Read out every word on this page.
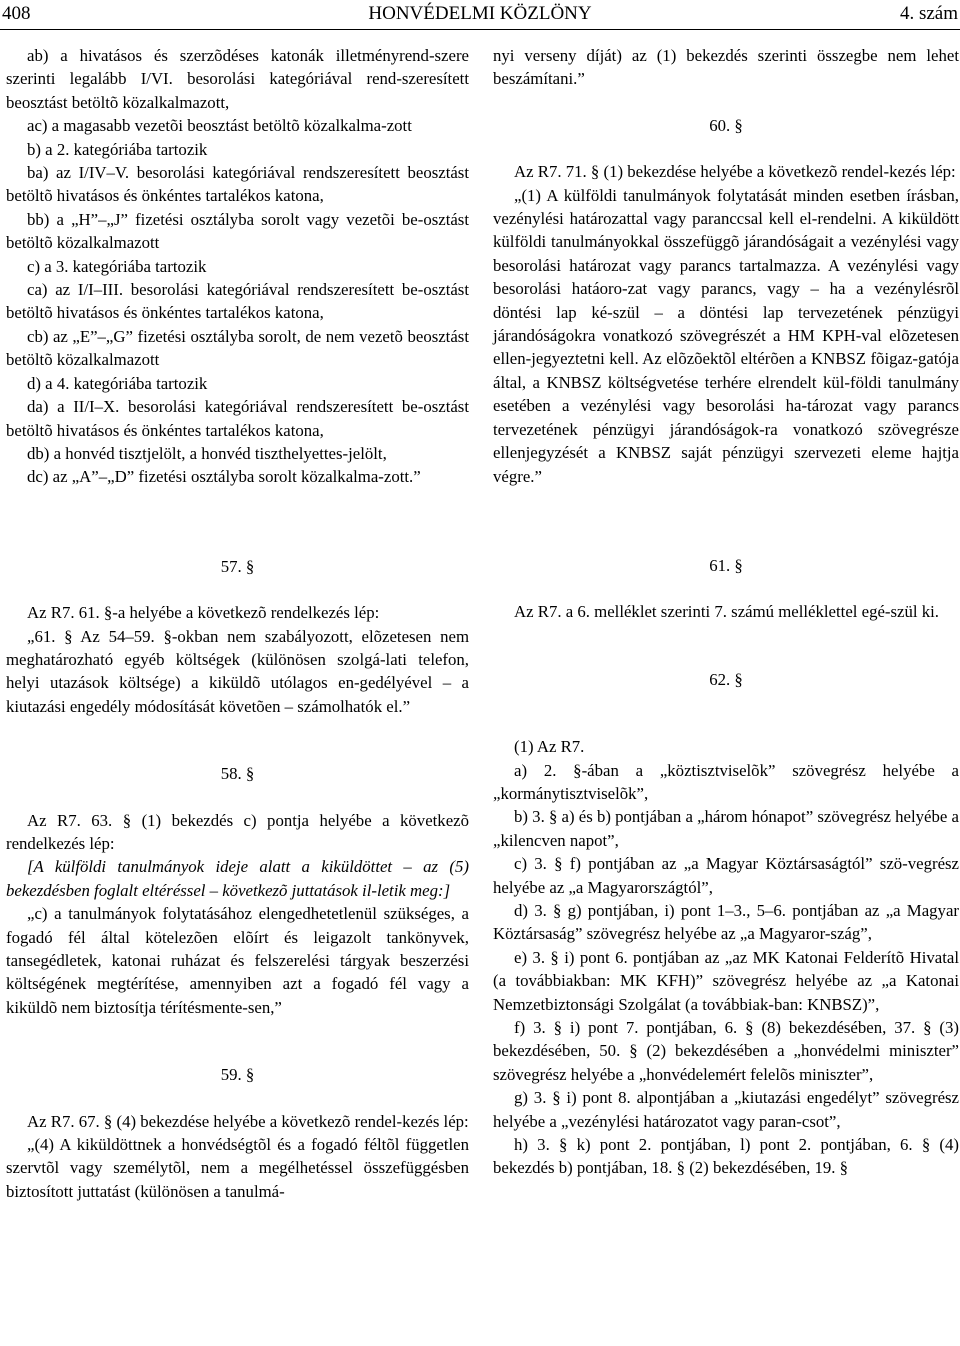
408	HONVÉDELMI KÖZLÖNY	4. szám

ab) a hivatásos és szerzõdéses katonák illetményrend-szere szerinti legalább I/VI. besorolási kategóriával rend-szeresített beosztást betöltõ közalkalmazott,

ac) a magasabb vezetõi beosztást betöltõ közalkalma-zott

b) a 2. kategóriába tartozik

ba) az I/IV–V. besorolási kategóriával rendszeresített beosztást betöltõ hivatásos és önkéntes tartalékos katona,

bb) a „H”–„J” fizetési osztályba sorolt vagy vezetõi be-osztást betöltõ közalkalmazott

c) a 3. kategóriába tartozik

ca) az I/I–III. besorolási kategóriával rendszeresített be-osztást betöltõ hivatásos és önkéntes tartalékos katona,

cb) az „E”–„G” fizetési osztályba sorolt, de nem vezetõ beosztást betöltõ közalkalmazott

d) a 4. kategóriába tartozik

da) a II/I–X. besorolási kategóriával rendszeresített be-osztást betöltõ hivatásos és önkéntes tartalékos katona,

db) a honvéd tisztjelölt, a honvéd tiszthelyettes-jelölt,

dc) az „A”–„D” fizetési osztályba sorolt közalkalma-zott.”

57. §

Az R7. 61. §-a helyébe a következõ rendelkezés lép:

„61. § Az 54–59. §-okban nem szabályozott, elõzetesen nem meghatározható egyéb költségek (különösen szolgá-lati telefon, helyi utazások költsége) a kiküldõ utólagos en-gedélyével – a kiutazási engedély módosítását követõen – számolhatók el.”

58. §

Az R7. 63. § (1) bekezdés c) pontja helyébe a következõ rendelkezés lép:

[A külföldi tanulmányok ideje alatt a kiküldöttet – az (5) bekezdésben foglalt eltéréssel – következõ juttatások il-letik meg:]

„c) a tanulmányok folytatásához elengedhetetlenül szükséges, a fogadó fél által kötelezõen elõírt és leigazolt tankönyvek, tansegédletek, katonai ruházat és felszerelési tárgyak beszerzési költségének megtérítése, amennyiben azt a fogadó fél vagy a kiküldõ nem biztosítja térítésmente-sen,”

59. §

Az R7. 67. § (4) bekezdése helyébe a következõ rendel-kezés lép:

„(4) A kiküldöttnek a honvédségtõl és a fogadó féltõl független szervtõl vagy személytõl, nem a megélhetéssel összefüggésben biztosított juttatást (különösen a tanulmá-

nyi verseny díját) az (1) bekezdés szerinti összegbe nem lehet beszámítani.”

60. §

Az R7. 71. § (1) bekezdése helyébe a következõ rendel-kezés lép:

„(1) A külföldi tanulmányok folytatását minden esetben írásban, vezénylési határozattal vagy paranccsal kell el-rendelni. A kiküldött külföldi tanulmányokkal összefüggõ járandóságait a vezénylési vagy besorolási határozat vagy parancs tartalmazza. A vezénylési vagy besorolási hatáoro-zat vagy parancs, vagy – ha a vezénylésrõl döntési lap ké-szül – a döntési lap tervezetének pénzügyi járandóságokra vonatkozó szövegrészét a HM KPH-val elõzetesen ellen-jegyeztetni kell. Az elõzõektõl eltérõen a KNBSZ fõigaz-gatója által, a KNBSZ költségvetése terhére elrendelt kül-földi tanulmány esetében a vezénylési vagy besorolási ha-tározat vagy parancs tervezetének pénzügyi járandóságok-ra vonatkozó szövegrésze ellenjegyzését a KNBSZ saját pénzügyi szervezeti eleme hajtja végre.”

61. §

Az R7. a 6. melléklet szerinti 7. számú melléklettel egé-szül ki.

62. §

(1) Az R7.

a) 2. §-ában a „köztisztviselõk” szövegrész helyébe a „kormánytisztviselõk”,

b) 3. § a) és b) pontjában a „három hónapot” szövegrész helyébe a „kilencven napot”,

c) 3. § f) pontjában az „a Magyar Köztársaságtól” szö-vegrész helyébe az „a Magyarországtól”,

d) 3. § g) pontjában, i) pont 1–3., 5–6. pontjában az „a Magyar Köztársaság” szövegrész helyébe az „a Magyaror-szág”,

e) 3. § i) pont 6. pontjában az „az MK Katonai Felderítõ Hivatal (a továbbiakban: MK KFH)” szövegrész helyébe az „a Katonai Nemzetbiztonsági Szolgálat (a továbbiak-ban: KNBSZ)”,

f) 3. § i) pont 7. pontjában, 6. § (8) bekezdésében, 37. § (3) bekezdésében, 50. § (2) bekezdésében a „honvédelmi miniszter” szövegrész helyébe a „honvédelemért felelõs miniszter”,

g) 3. § i) pont 8. alpontjában a „kiutazási engedélyt” szövegrész helyébe a „vezénylési határozatot vagy paran-csot”,

h) 3. § k) pont 2. pontjában, l) pont 2. pontjában, 6. § (4) bekezdés b) pontjában, 18. § (2) bekezdésében, 19. §
